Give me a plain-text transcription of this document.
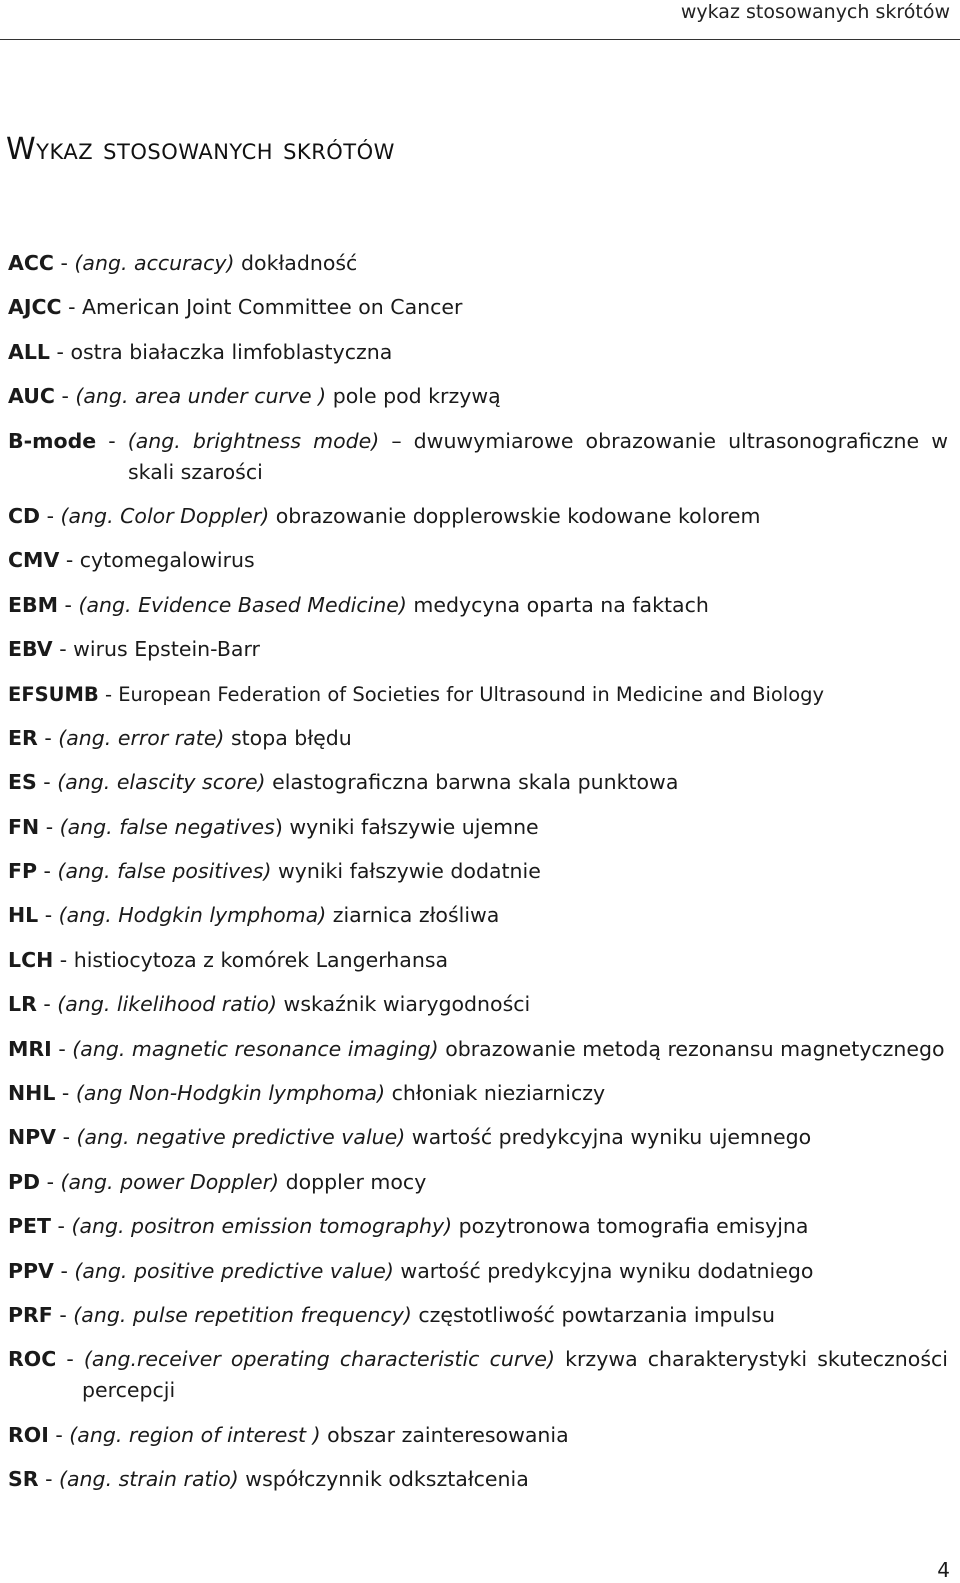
wykaz stosowanych skrótów
Wykaz stosowanych skrótów
ACC - (ang. accuracy) dokładność
AJCC - American Joint Committee on Cancer
ALL - ostra białaczka limfoblastyczna
AUC - (ang. area under curve ) pole pod krzywą
B-mode - (ang. brightness mode) – dwuwymiarowe obrazowanie ultrasonograficzne w skali szarości
CD - (ang. Color Doppler) obrazowanie dopplerowskie kodowane kolorem
CMV - cytomegalowirus
EBM - (ang. Evidence Based Medicine) medycyna oparta na faktach
EBV - wirus Epstein-Barr
EFSUMB - European Federation of Societies for Ultrasound in Medicine and Biology
ER - (ang. error rate) stopa błędu
ES - (ang. elascity score) elastograficzna barwna skala punktowa
FN - (ang. false negatives) wyniki fałszywie ujemne
FP - (ang. false positives) wyniki fałszywie dodatnie
HL - (ang. Hodgkin lymphoma) ziarnica złośliwa
LCH - histiocytoza z komórek Langerhansa
LR - (ang. likelihood ratio) wskaźnik wiarygodności
MRI - (ang. magnetic resonance imaging) obrazowanie metodą rezonansu magnetycznego
NHL - (ang Non-Hodgkin lymphoma) chłoniak nieziarniczy
NPV - (ang. negative predictive value) wartość predykcyjna wyniku ujemnego
PD - (ang. power Doppler) doppler mocy
PET - (ang. positron emission tomography) pozytronowa tomografia emisyjna
PPV - (ang. positive predictive value) wartość predykcyjna wyniku dodatniego
PRF - (ang. pulse repetition frequency) częstotliwość powtarzania impulsu
ROC - (ang.receiver operating characteristic curve) krzywa charakterystyki skuteczności percepcji
ROI - (ang. region of interest ) obszar zainteresowania
SR - (ang. strain ratio) współczynnik odkształcenia
4
